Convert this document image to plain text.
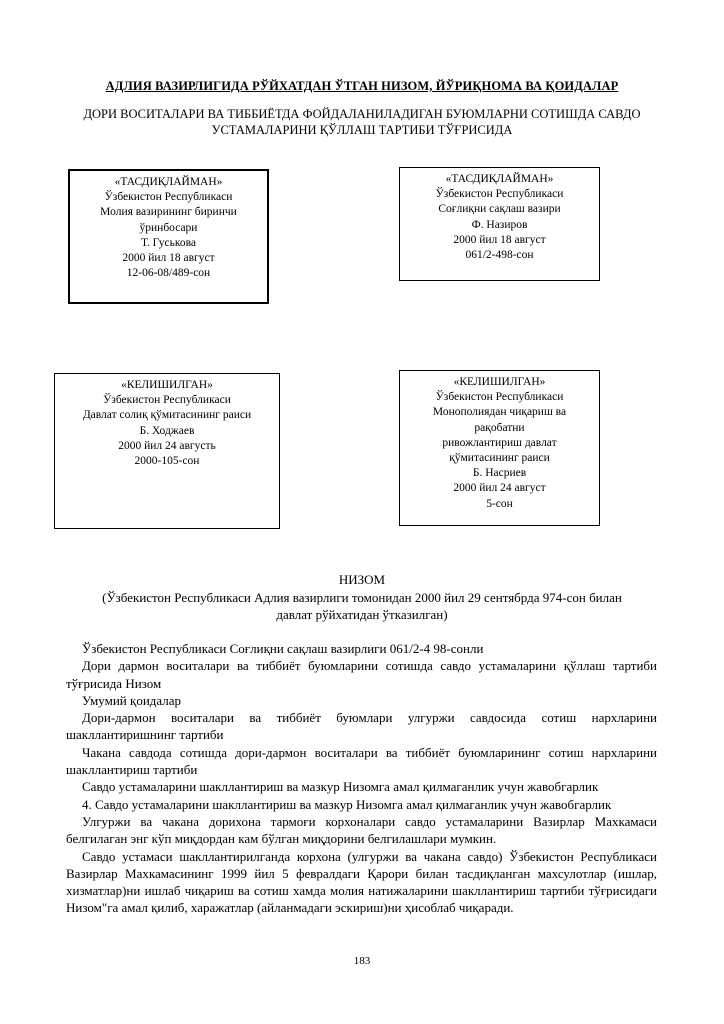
АДЛИЯ ВАЗИРЛИГИДА РЎЙХАТДАН ЎТГАН НИЗОМ, ЙЎРИҚНОМА ВА ҚОИДАЛАР
ДОРИ ВОСИТАЛАРИ ВА ТИББИЁТДА ФОЙДАЛАНИЛАДИГАН БУЮМЛАРНИ СОТИШДА САВДО
УСТАМАЛАРИНИ ҚЎЛЛАШ ТАРТИБИ ТЎҒРИСИДА
«ТАСДИҚЛАЙМАН»
Ўзбекистон Республикаси
Молия вазирининг биринчи
ўринбосари
Т. Гуськова
2000 йил 18 август
12-06-08/489-сон
«ТАСДИҚЛАЙМАН»
Ўзбекистон Республикаси
Соғлиқни сақлаш вазири
Ф. Назиров
2000 йил 18 август
061/2-498-сон
«КЕЛИШИЛГАН»
Ўзбекистон Республикаси
Давлат солиқ қўмитасининг раиси
Б. Ходжаев
2000 йил 24 августь
2000-105-сон
«КЕЛИШИЛГАН»
Ўзбекистон Республикаси
Монополиядан чиқариш ва
рақобатни
ривожлантириш давлат
қўмитасининг раиси
Б. Насриев
2000 йил 24 август
5-сон
НИЗОМ
(Ўзбекистон Республикаси Адлия вазирлиги томонидан 2000 йил 29 сентябрда 974-сон билан
давлат рўйхатидан ўтказилган)

Ўзбекистон Республикаси Соғлиқни сақлаш вазирлиги 061/2-4 98-сонли

Дори дармон воситалари ва тиббиёт буюмларини сотишда савдо устамаларини қўллаш тартиби тўғрисида Низом

Умумий қоидалар

Дори-дармон воситалари ва тиббиёт буюмлари улгуржи савдосида сотиш нархларини шакллантиришнинг тартиби

Чакана савдода сотишда дори-дармон воситалари ва тиббиёт буюмларининг сотиш нархларини шакллантириш тартиби

Савдо устамаларини шакллантириш ва мазкур Низомга амал қилмаганлик учун жавобгарлик

4. Савдо устамаларини шакллантириш ва мазкур Низомга амал қилмаганлик учун жавобгарлик

Улгуржи ва чакана дорихона тармоғи корхоналари савдо устамаларини Вазирлар Махкамаси белгилаган энг кўп миқдордан кам бўлган миқдорини белгилашлари мумкин.

Савдо устамаси шакллантирилганда корхона (улгуржи ва чакана савдо) Ўзбекистон Республикаси Вазирлар Махкамасининг 1999 йил 5 февралдаги Қарори билан тасдиқланган махсулотлар (ишлар, хизматлар)ни ишлаб чиқариш ва сотиш хамда молия натижаларини шакллантириш тартиби тўғрисидаги Низом"га амал қилиб, харажатлар (айланмадаги эскириш)ни ҳисоблаб чиқаради.

183
